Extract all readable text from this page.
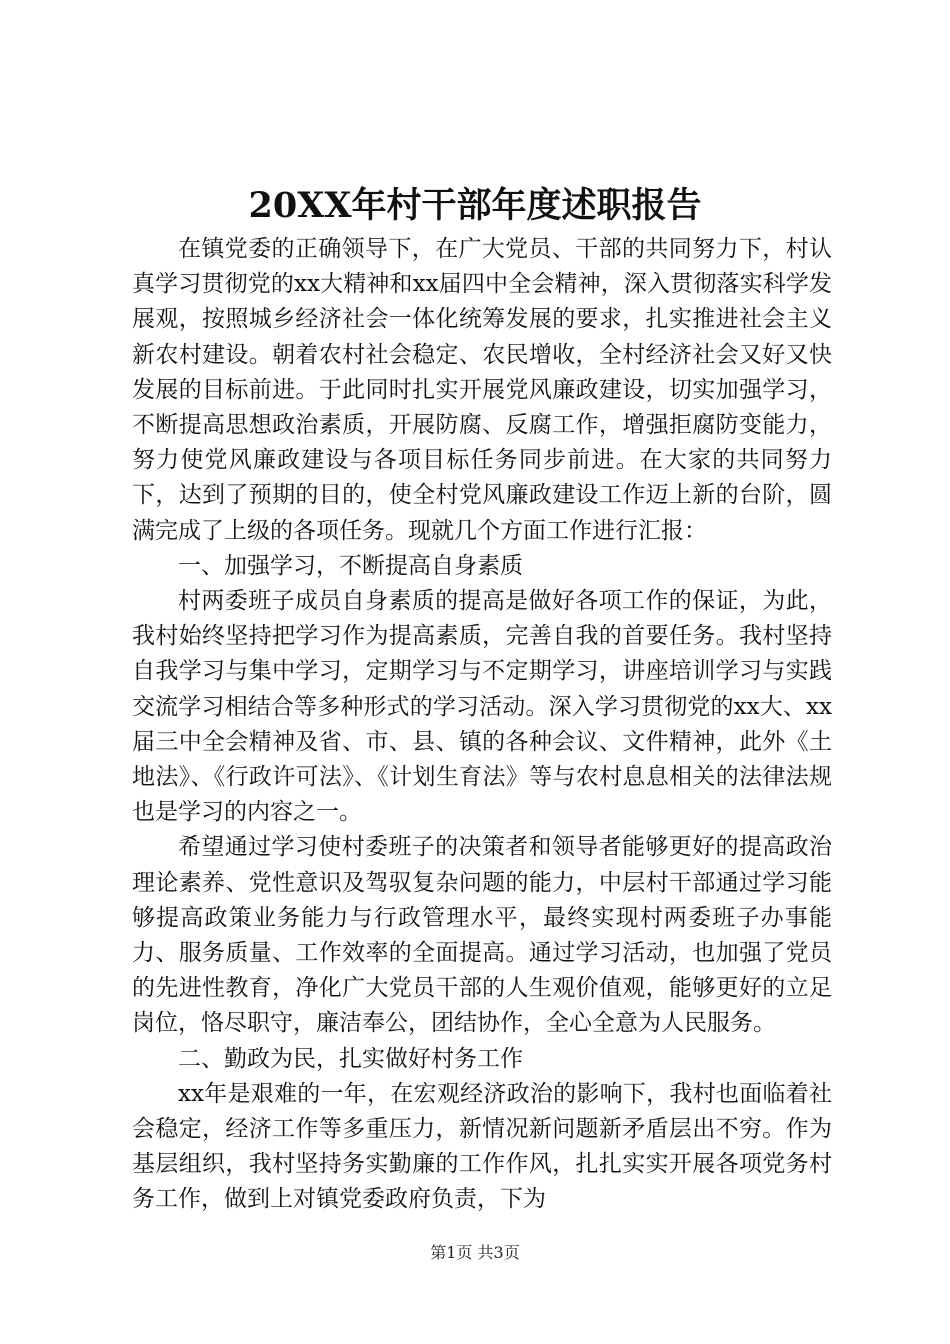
20XX年村干部年度述职报告

在镇党委的正确领导下，在广大党员、干部的共同努力下，村认真学习贯彻党的xx大精神和xx届四中全会精神，深入贯彻落实科学发展观，按照城乡经济社会一体化统筹发展的要求，扎实推进社会主义新农村建设。朝着农村社会稳定、农民增收，全村经济社会又好又快发展的目标前进。于此同时扎实开展党风廉政建设，切实加强学习，不断提高思想政治素质，开展防腐、反腐工作，增强拒腐防变能力，努力使党风廉政建设与各项目标任务同步前进。在大家的共同努力下，达到了预期的目的，使全村党风廉政建设工作迈上新的台阶，圆满完成了上级的各项任务。现就几个方面工作进行汇报：

一、加强学习，不断提高自身素质

村两委班子成员自身素质的提高是做好各项工作的保证，为此，我村始终坚持把学习作为提高素质，完善自我的首要任务。我村坚持自我学习与集中学习，定期学习与不定期学习，讲座培训学习与实践交流学习相结合等多种形式的学习活动。深入学习贯彻党的xx大、xx届三中全会精神及省、市、县、镇的各种会议、文件精神，此外《土地法》、《行政许可法》、《计划生育法》等与农村息息相关的法律法规也是学习的内容之一。

希望通过学习使村委班子的决策者和领导者能够更好的提高政治理论素养、党性意识及驾驭复杂问题的能力，中层村干部通过学习能够提高政策业务能力与行政管理水平，最终实现村两委班子办事能力、服务质量、工作效率的全面提高。通过学习活动，也加强了党员的先进性教育，净化广大党员干部的人生观价值观，能够更好的立足岗位，恪尽职守，廉洁奉公，团结协作，全心全意为人民服务。

二、勤政为民，扎实做好村务工作

xx年是艰难的一年，在宏观经济政治的影响下，我村也面临着社会稳定，经济工作等多重压力，新情况新问题新矛盾层出不穷。作为基层组织，我村坚持务实勤廉的工作作风，扎扎实实开展各项党务村务工作，做到上对镇党委政府负责，下为

第1页 共3页
